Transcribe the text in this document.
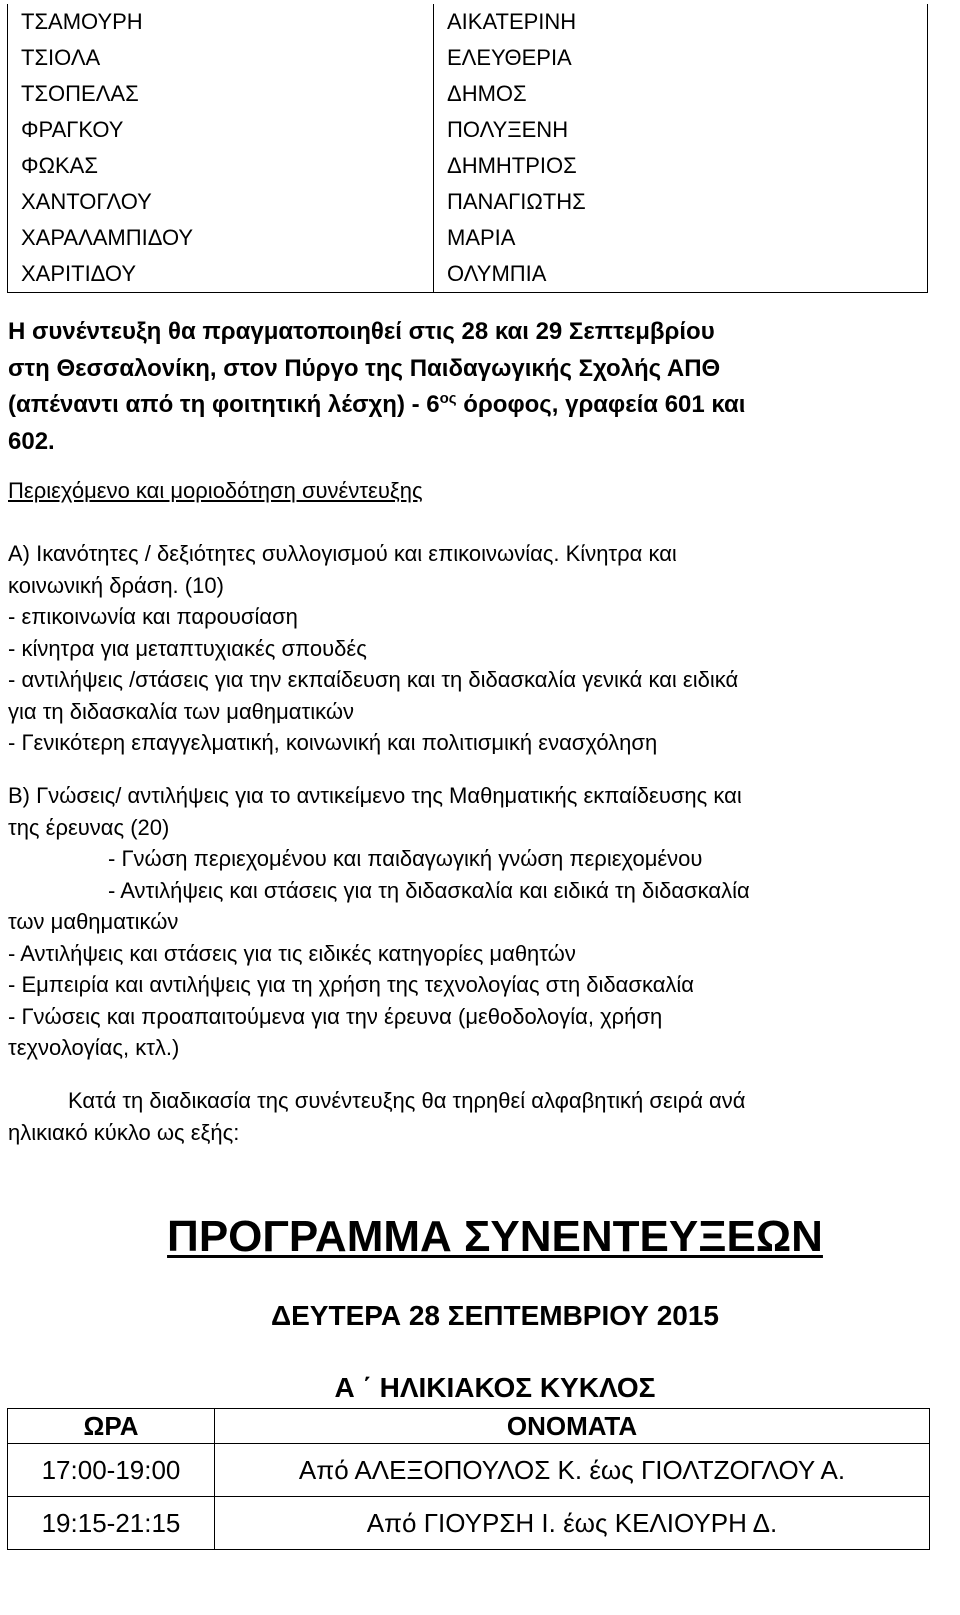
ΤΣΑΜΟΥΡΗ	ΑΙΚΑΤΕΡΙΝΗ
ΤΣΙΟΛΑ	ΕΛΕΥΘΕΡΙΑ
ΤΣΟΠΕΛΑΣ	ΔΗΜΟΣ
ΦΡΑΓΚΟΥ	ΠΟΛΥΞΕΝΗ
ΦΩΚΑΣ	ΔΗΜΗΤΡΙΟΣ
ΧΑΝΤΟΓΛΟΥ	ΠΑΝΑΓΙΩΤΗΣ
ΧΑΡΑΛΑΜΠΙΔΟΥ	ΜΑΡΙΑ
ΧΑΡΙΤΙΔΟΥ	ΟΛΥΜΠΙΑ
Η συνέντευξη θα πραγματοποιηθεί στις 28 και 29 Σεπτεμβρίου
στη Θεσσαλονίκη, στον Πύργο της Παιδαγωγικής Σχολής ΑΠΘ
(απέναντι από τη φοιτητική $\lambda έ\sigma\chi\eta) - 6^{o\varsigma}$ όροφος, γραφεία 601 και
602.
Περιεχόμενο και μοριοδότηση συνέντευξης
Α) Ικανότητες / δεξιότητες συλλογισμού και επικοινωνίας. Κίνητρα και
κοινωνική δράση. (10)
- επικοινωνία και παρουσίαση
- κίνητρα για μεταπτυχιακές σπουδές
- αντιλήψεις /στάσεις για την εκπαίδευση και τη διδασκαλία γενικά και ειδικά
για τη διδασκαλία των μαθηματικών
- Γενικότερη επαγγελματική, κοινωνική και πολιτισμική ενασχόληση
Β) Γνώσεις/ αντιλήψεις για το αντικείμενο της Μαθηματικής εκπαίδευσης και
της έρευνας (20)
- Γνώση περιεχομένου και παιδαγωγική γνώση περιεχομένου
- Αντιλήψεις και στάσεις για τη διδασκαλία και ειδικά τη διδασκαλία
των μαθηματικών
- Αντιλήψεις και στάσεις για τις ειδικές κατηγορίες μαθητών
- Εμπειρία και αντιλήψεις για τη χρήση της τεχνολογίας στη διδασκαλία
- Γνώσεις και προαπαιτούμενα για την έρευνα (μεθοδολογία, χρήση
τεχνολογίας, κτλ.)
Κατά τη διαδικασία της συνέντευξης θα τηρηθεί αλφαβητική σειρά ανά
ηλικιακό κύκλο ως εξής:
ΠΡΟΓΡΑΜΜΑ ΣΥΝΕΝΤΕΥΞΕΩΝ
ΔΕΥΤΕΡΑ 28 ΣΕΠΤΕΜΒΡΙΟΥ 2015
Α ΄ ΗΛΙΚΙΑΚΟΣ ΚΥΚΛΟΣ
ΩΡΑ	ΟΝΟΜΑΤΑ
17:00-19:00	Από ΑΛΕΞΟΠΟΥΛΟΣ Κ. έως ΓΙΟΛΤΖΟΓΛΟΥ Α.
19:15-21:15	Από ΓΙΟΥΡΣΗ Ι. έως ΚΕΛΙΟΥΡΗ Δ.
